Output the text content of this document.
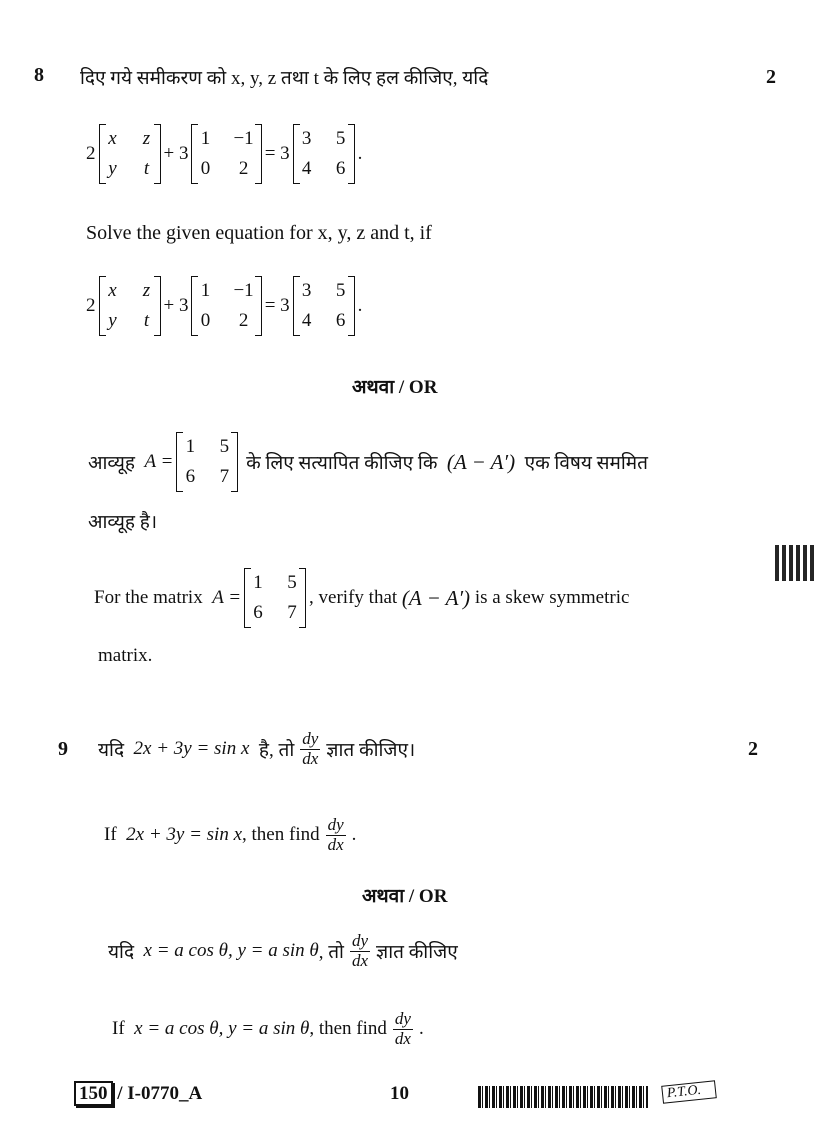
8 दिए गये समीकरण को x, y, z तथा t के लिए हल कीजिए, यदि	2
2
x z
y t
+ 3
1 −1
0 2
= 3
3 5
4 6
.
Solve the given equation for x, y, z and t, if
2
x z
y t
+ 3
1 −1
0 2
= 3
3 5
4 6
.
अथवा / OR
आव्यूह
A =
1 5
6 7

के लिए सत्यापित कीजिए कि
(A − A′)
एक विषय सममित
आव्यूह है।
For the matrix
A =
1 5
6 7
, verify that
(A − A′)
is a skew symmetric
matrix.
9	यदि
2x + 3y = sin x
है, तो $\frac{dy}{dx}$ ज्ञात कीजिए।	2
If
2x + 3y = sin x , then find $\frac{dy}{dx}$ .
अथवा / OR
यदि
x = a cos θ, y = a sin θ , तो $\frac{dy}{dx}$ ज्ञात कीजिए
If
x = a cos θ, y = a sin θ , then find $\frac{dy}{dx}$ .
150 / I-0770_A	10	P.T.O.
